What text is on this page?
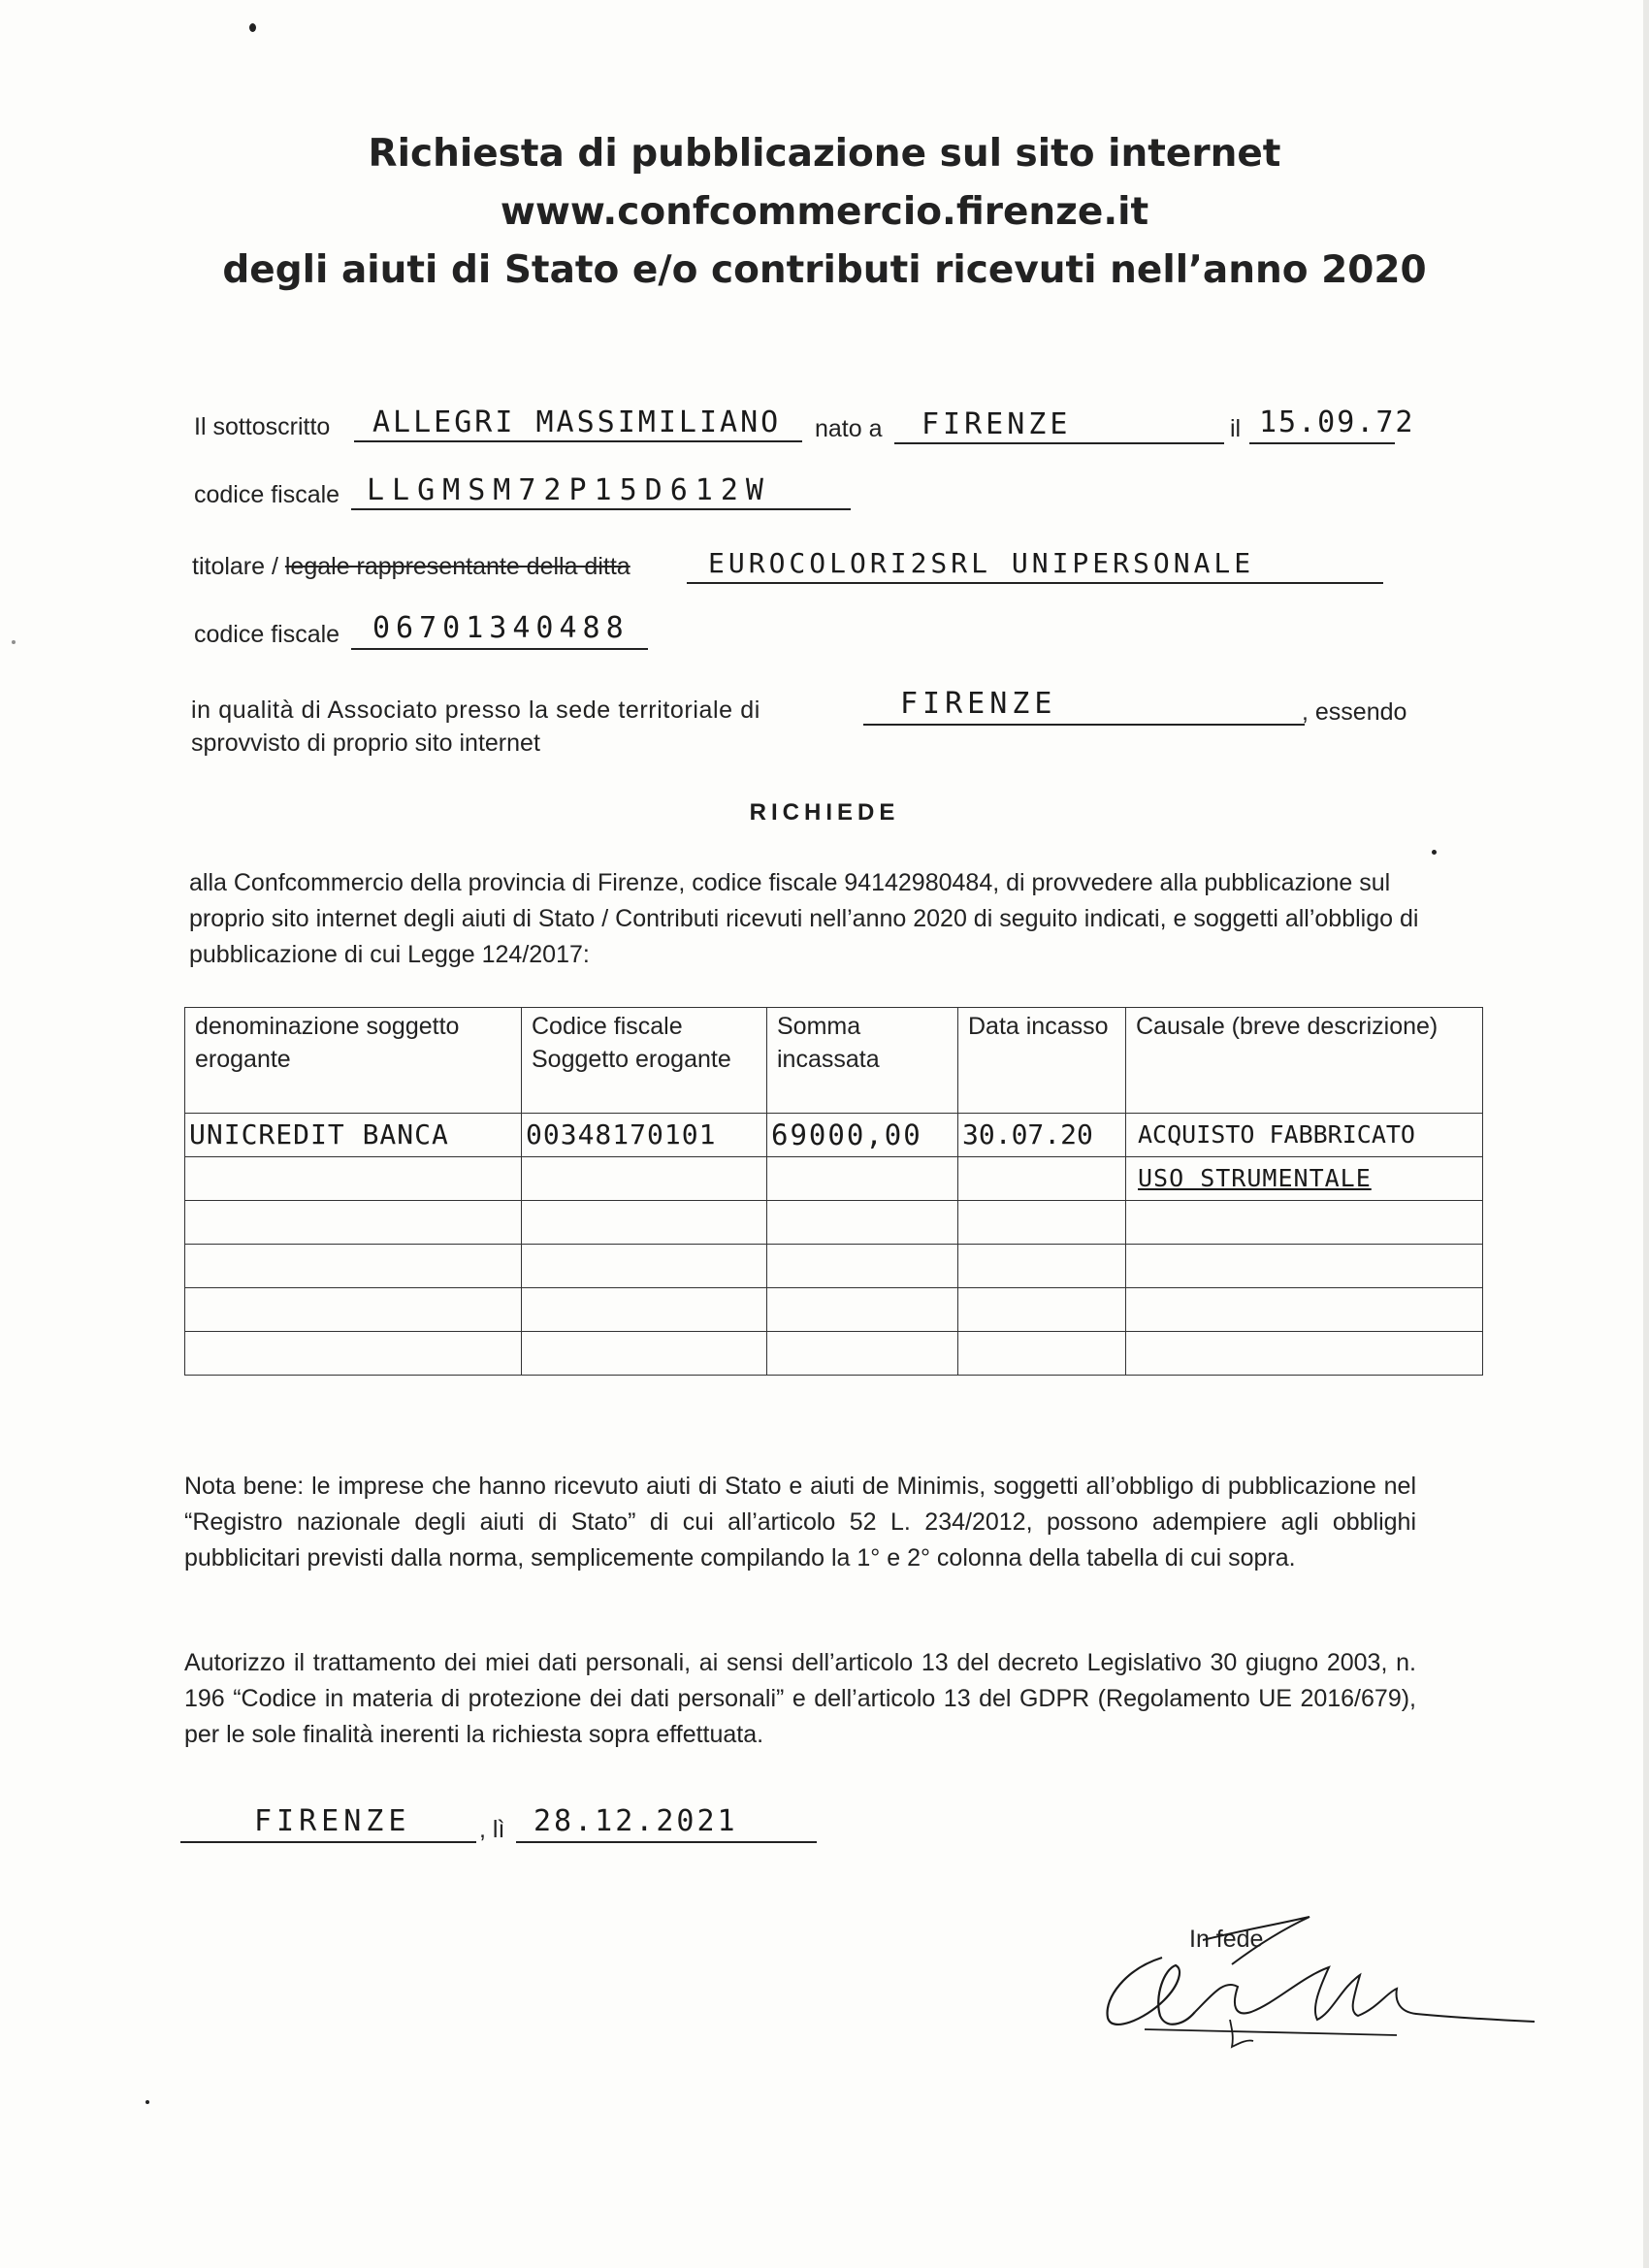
Richiesta di pubblicazione sul sito internet
www.confcommercio.firenze.it
degli aiuti di Stato e/o contributi ricevuti nell’anno 2020
Il sottoscritto ALLEGRI MASSIMILIANO nato a FIRENZE	il 15.09.72
codice fiscale LLGMSM72P15D612W
titolare / legale rappresentante della ditta	EUROCOLORI2SRL UNIPERSONALE
codice fiscale 06701340488
in qualità di Associato presso la sede territoriale di	FIRENZE	, essendo
sprovvisto di proprio sito internet
RICHIEDE
alla Confcommercio della provincia di Firenze, codice fiscale 94142980484, di provvedere alla pubblicazione sul proprio sito internet degli aiuti di Stato / Contributi ricevuti nell’anno 2020 di seguito indicati, e soggetti all’obbligo di pubblicazione di cui Legge 124/2017:
denominazione soggetto erogante	Codice fiscale Soggetto erogante	Somma incassata	Data incasso	Causale (breve descrizione)

UNICREDIT BANCA	00348170101	69000,00	30.07.20	ACQUISTO FABBRICATO

				USO STRUMENTALE

Nota bene: le imprese che hanno ricevuto aiuti di Stato e aiuti de Minimis, soggetti all’obbligo di pubblicazione nel “Registro nazionale degli aiuti di Stato” di cui all’articolo 52 L. 234/2012, possono adempiere agli obblighi pubblicitari previsti dalla norma, semplicemente compilando la 1° e 2° colonna della tabella di cui sopra.
Autorizzo il trattamento dei miei dati personali, ai sensi dell’articolo 13 del decreto Legislativo 30 giugno 2003, n. 196 “Codice in materia di protezione dei dati personali” e dell’articolo 13 del GDPR (Regolamento UE 2016/679), per le sole finalità inerenti la richiesta sopra effettuata.
FIRENZE	, lì 28.12.2021
In fede
